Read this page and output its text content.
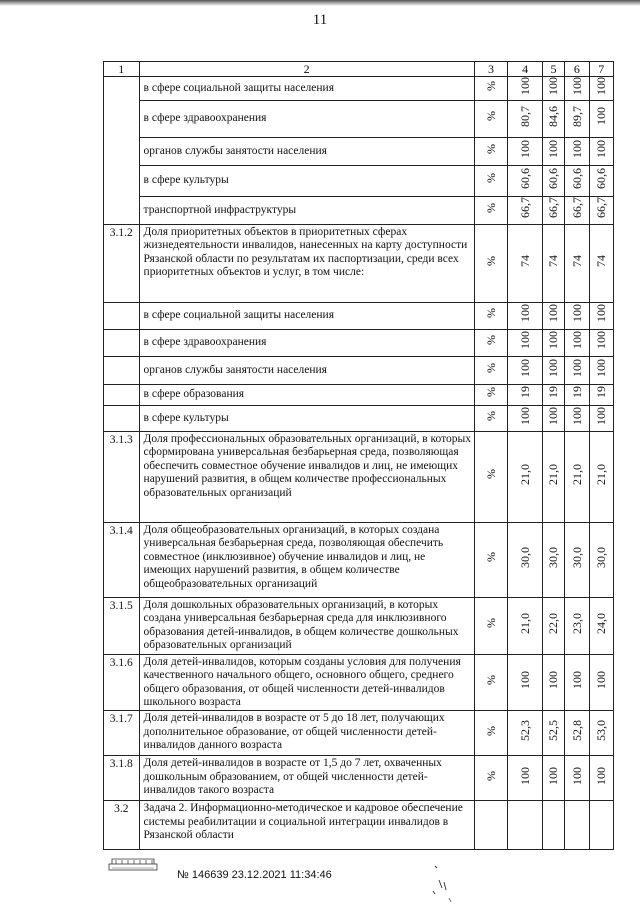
11
1	2	3	4	5	6	7
	в сфере социальной защиты населения	%	100	100	100	100
	в сфере здравоохранения	%	80,7	84,6	89,7	100
	органов службы занятости населения	%	100	100	100	100
	в сфере культуры	%	60,6	60,6	60,6	60,6
	транспортной инфраструктуры	%	66,7	66,7	66,7	66,7
3.1.2	Доля приоритетных объектов в приоритетных сферах жизнедеятельности инвалидов, нанесенных на карту доступности Рязанской области по результатам их паспортизации, среди всех приоритетных объектов и услуг, в том числе:	%	74	74	74	74
	в сфере социальной защиты населения	%	100	100	100	100
	в сфере здравоохранения	%	100	100	100	100
	органов службы занятости населения	%	100	100	100	100
	в сфере образования	%	19	19	19	19
	в сфере культуры	%	100	100	100	100
3.1.3	Доля профессиональных образовательных организаций, в которых сформирована универсальная безбарьерная среда, позволяющая обеспечить совместное обучение инвалидов и лиц, не имеющих нарушений развития, в общем количестве профессиональных образовательных организаций	%	21,0	21,0	21,0	21,0
3.1.4	Доля общеобразовательных организаций, в которых создана универсальная безбарьерная среда, позволяющая обеспечить совместное (инклюзивное) обучение инвалидов и лиц, не имеющих нарушений развития, в общем количестве общеобразовательных организаций	%	30,0	30,0	30,0	30,0
3.1.5	Доля дошкольных образовательных организаций, в которых создана универсальная безбарьерная среда для инклюзивного образования детей-инвалидов, в общем количестве дошкольных образовательных организаций	%	21,0	22,0	23,0	24,0
3.1.6	Доля детей-инвалидов, которым созданы условия для получения качественного начального общего, основного общего, среднего общего образования, от общей численности детей-инвалидов школьного возраста	%	100	100	100	100
3.1.7	Доля детей-инвалидов в возрасте от 5 до 18 лет, получающих дополнительное образование, от общей численности детей-инвалидов данного возраста	%	52,3	52,5	52,8	53,0
3.1.8	Доля детей-инвалидов в возрасте от 1,5 до 7 лет, охваченных дошкольным образованием, от общей численности детей-инвалидов такого возраста	%	100	100	100	100
3.2	Задача 2. Информационно-методическое и кадровое обеспечение системы реабилитации и социальной интеграции инвалидов в Рязанской области					
№ 146639 23.12.2021 11:34:46
